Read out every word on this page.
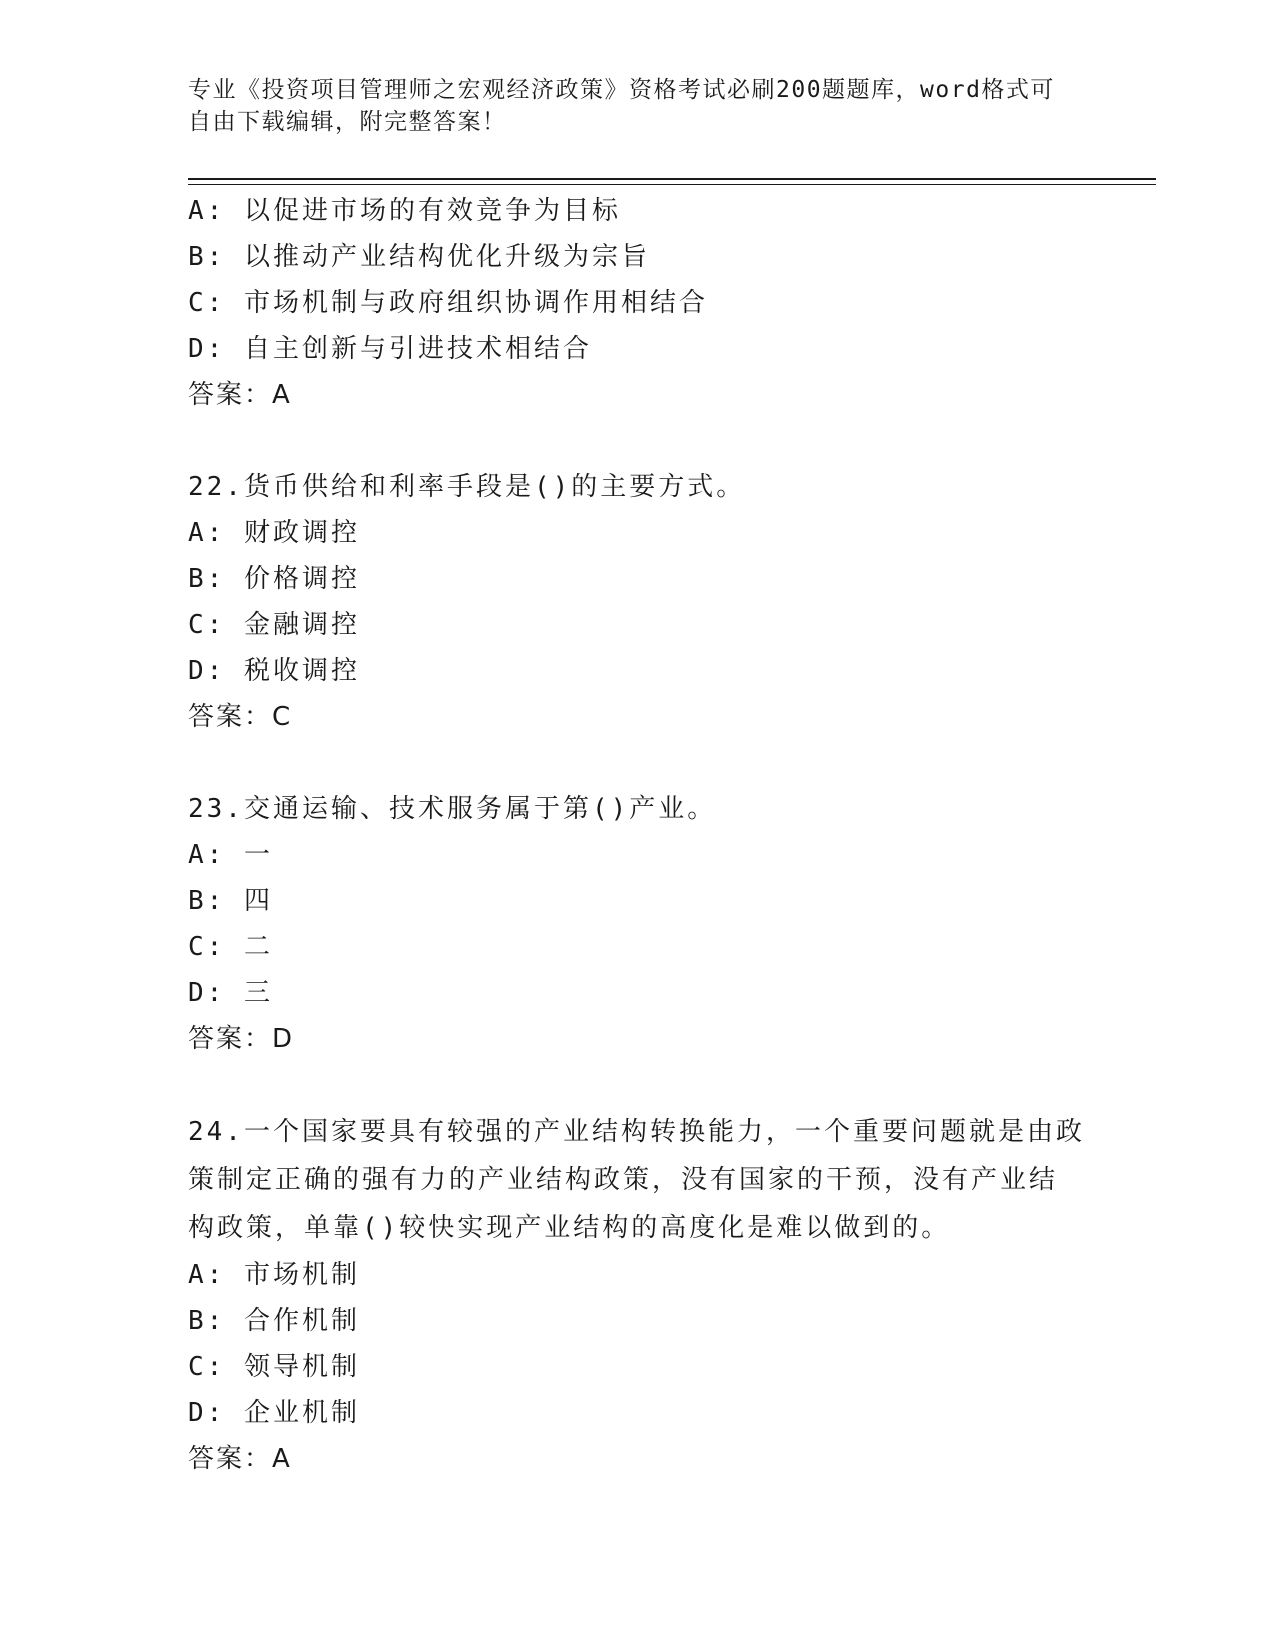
专业《投资项目管理师之宏观经济政策》资格考试必刷200题题库，word格式可
自由下载编辑，附完整答案！
A: 以促进市场的有效竞争为目标
B: 以推动产业结构优化升级为宗旨
C: 市场机制与政府组织协调作用相结合
D: 自主创新与引进技术相结合
答案：A
22.货币供给和利率手段是()的主要方式。
A: 财政调控
B: 价格调控
C: 金融调控
D: 税收调控
答案：C
23.交通运输、技术服务属于第()产业。
A: 一
B: 四
C: 二
D: 三
答案：D
24.一个国家要具有较强的产业结构转换能力，一个重要问题就是由政
策制定正确的强有力的产业结构政策，没有国家的干预，没有产业结
构政策，单靠()较快实现产业结构的高度化是难以做到的。
A: 市场机制
B: 合作机制
C: 领导机制
D: 企业机制
答案：A
